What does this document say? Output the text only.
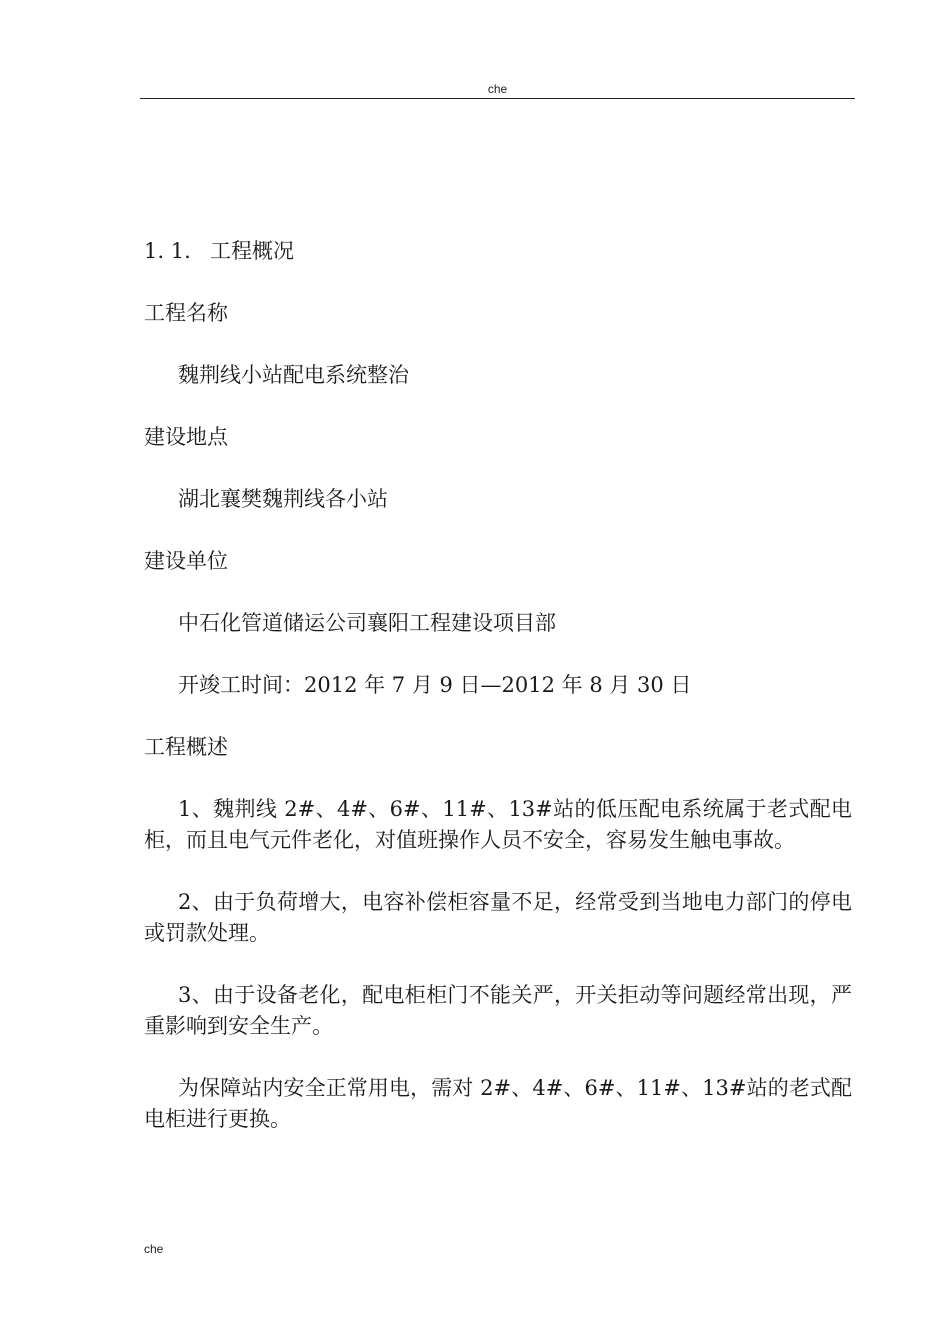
che
1. 1. 工程概况
工程名称
魏荆线小站配电系统整治
建设地点
湖北襄樊魏荆线各小站
建设单位
中石化管道储运公司襄阳工程建设项目部
开竣工时间：2012 年 7 月 9 日—2012 年 8 月 30 日
工程概述

1、魏荆线 2#、4#、6#、11#、13#站的低压配电系统属于老式配电柜，而且电气元件老化，对值班操作人员不安全，容易发生触电事故。

2、由于负荷增大，电容补偿柜容量不足，经常受到当地电力部门的停电或罚款处理。

3、由于设备老化，配电柜柜门不能关严，开关拒动等问题经常出现，严重影响到安全生产。

为保障站内安全正常用电，需对 2#、4#、6#、11#、13#站的老式配电柜进行更换。

che
